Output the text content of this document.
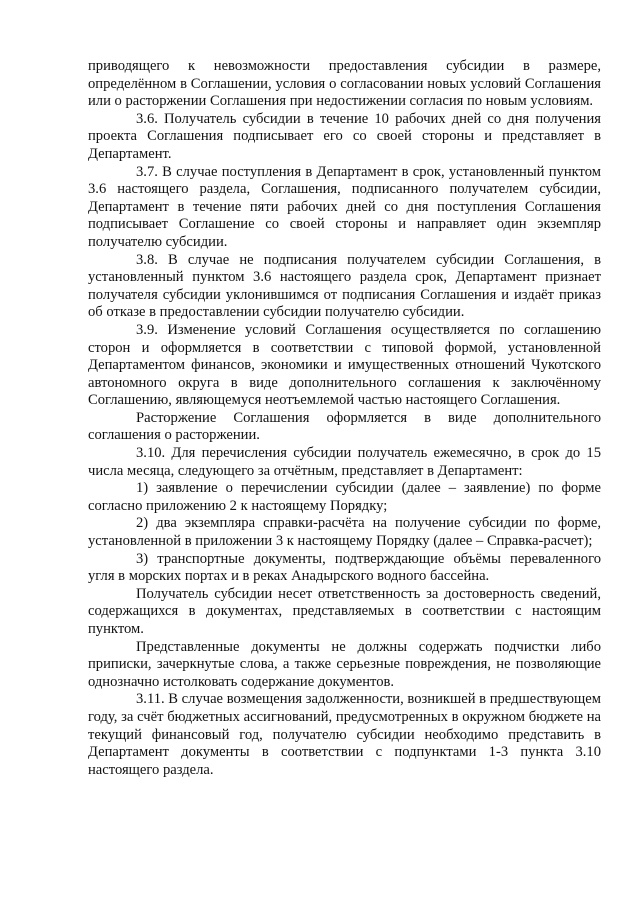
приводящего к невозможности предоставления субсидии в размере, определённом в Соглашении, условия о согласовании новых условий Соглашения или о расторжении Соглашения при недостижении согласия по новым условиям.

3.6. Получатель субсидии в течение 10 рабочих дней со дня получения проекта Соглашения подписывает его со своей стороны и представляет в Департамент.

3.7. В случае поступления в Департамент в срок, установленный пунктом 3.6 настоящего раздела, Соглашения, подписанного получателем субсидии, Департамент в течение пяти рабочих дней со дня поступления Соглашения подписывает Соглашение со своей стороны и направляет один экземпляр получателю субсидии.

3.8. В случае не подписания получателем субсидии Соглашения, в установленный пунктом 3.6 настоящего раздела срок, Департамент признает получателя субсидии уклонившимся от подписания Соглашения и издаёт приказ об отказе в предоставлении субсидии получателю субсидии.

3.9. Изменение условий Соглашения осуществляется по соглашению сторон и оформляется в соответствии с типовой формой, установленной Департаментом финансов, экономики и имущественных отношений Чукотского автономного округа в виде дополнительного соглашения к заключённому Соглашению, являющемуся неотъемлемой частью настоящего Соглашения.

Расторжение Соглашения оформляется в виде дополнительного соглашения о расторжении.

3.10. Для перечисления субсидии получатель ежемесячно, в срок до 15 числа месяца, следующего за отчётным, представляет в Департамент:

1) заявление о перечислении субсидии (далее – заявление) по форме согласно приложению 2 к настоящему Порядку;

2) два экземпляра справки-расчёта на получение субсидии по форме, установленной в приложении 3 к настоящему Порядку (далее – Справка-расчет);

3) транспортные документы, подтверждающие объёмы переваленного угля в морских портах и в реках Анадырского водного бассейна.

Получатель субсидии несет ответственность за достоверность сведений, содержащихся в документах, представляемых в соответствии с настоящим пунктом.

Представленные документы не должны содержать подчистки либо приписки, зачеркнутые слова, а также серьезные повреждения, не позволяющие однозначно истолковать содержание документов.

3.11. В случае возмещения задолженности, возникшей в предшествующем году, за счёт бюджетных ассигнований, предусмотренных в окружном бюджете на текущий финансовый год, получателю субсидии необходимо представить в Департамент документы в соответствии с подпунктами 1-3 пункта 3.10 настоящего раздела.
